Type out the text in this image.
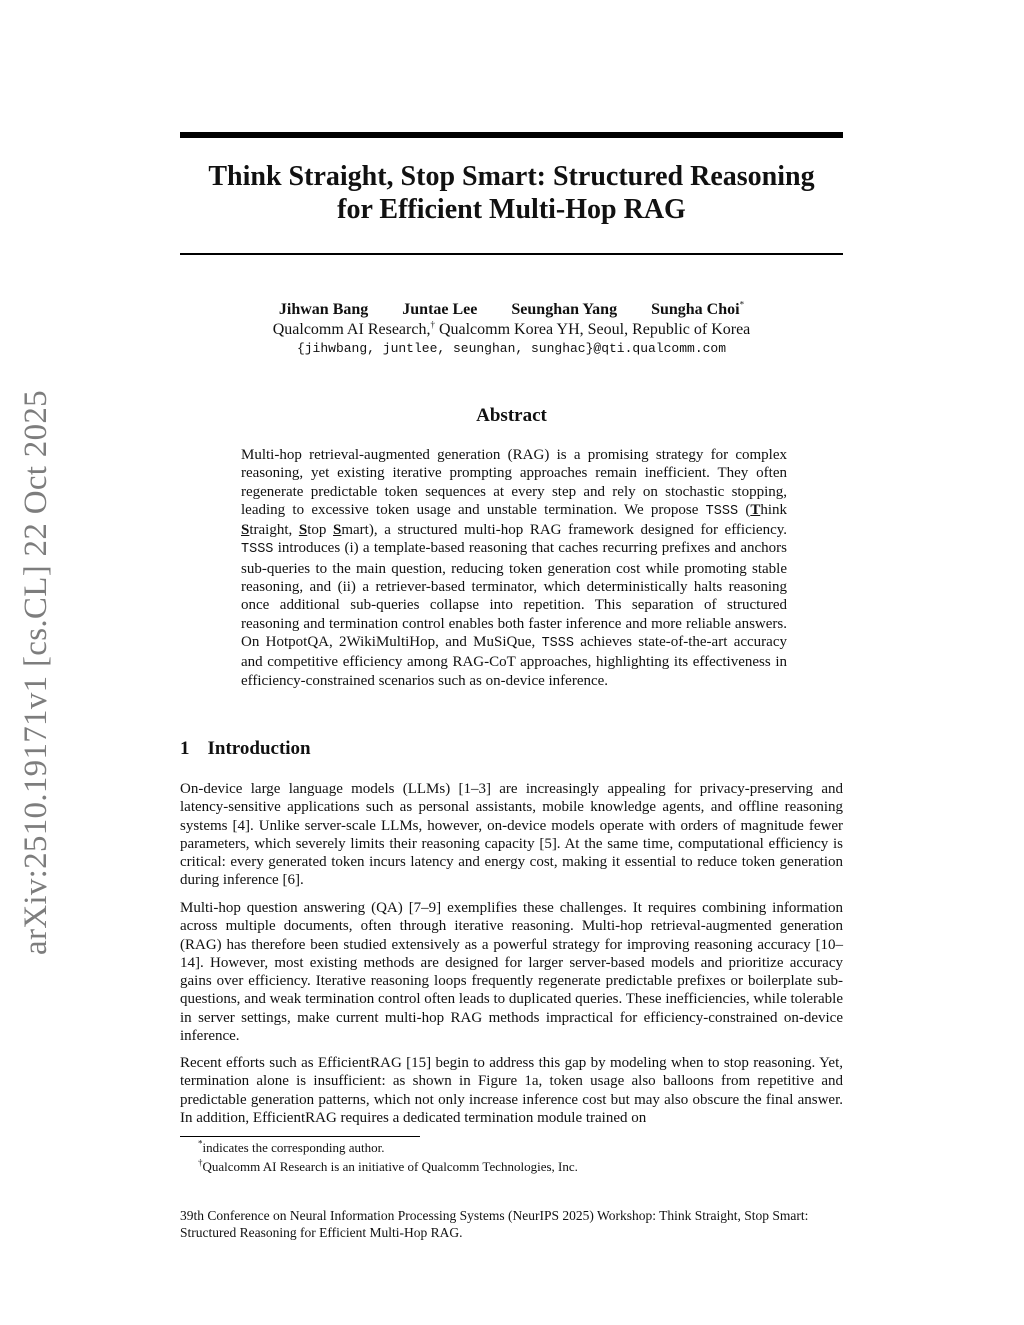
arXiv:2510.19171v1 [cs.CL] 22 Oct 2025
Think Straight, Stop Smart: Structured Reasoning
for Efficient Multi-Hop RAG
Jihwan Bang Juntae Lee Seunghan Yang Sungha Choi*
Qualcomm AI Research,† Qualcomm Korea YH, Seoul, Republic of Korea
{jihwbang, juntlee, seunghan, sunghac}@qti.qualcomm.com
Abstract
Multi-hop retrieval-augmented generation (RAG) is a promising strategy for complex reasoning, yet existing iterative prompting approaches remain inefficient. They often regenerate predictable token sequences at every step and rely on stochastic stopping, leading to excessive token usage and unstable termination. We propose TSSS (Think Straight, Stop Smart), a structured multi-hop RAG framework designed for efficiency. TSSS introduces (i) a template-based reasoning that caches recurring prefixes and anchors sub-queries to the main question, reducing token generation cost while promoting stable reasoning, and (ii) a retriever-based terminator, which deterministically halts reasoning once additional sub-queries collapse into repetition. This separation of structured reasoning and termination control enables both faster inference and more reliable answers. On HotpotQA, 2WikiMultiHop, and MuSiQue, TSSS achieves state-of-the-art accuracy and competitive efficiency among RAG-CoT approaches, highlighting its effectiveness in efficiency-constrained scenarios such as on-device inference.
1 Introduction

On-device large language models (LLMs) [1–3] are increasingly appealing for privacy-preserving and latency-sensitive applications such as personal assistants, mobile knowledge agents, and offline reasoning systems [4]. Unlike server-scale LLMs, however, on-device models operate with orders of magnitude fewer parameters, which severely limits their reasoning capacity [5]. At the same time, computational efficiency is critical: every generated token incurs latency and energy cost, making it essential to reduce token generation during inference [6].

Multi-hop question answering (QA) [7–9] exemplifies these challenges. It requires combining information across multiple documents, often through iterative reasoning. Multi-hop retrieval-augmented generation (RAG) has therefore been studied extensively as a powerful strategy for improving reasoning accuracy [10–14]. However, most existing methods are designed for larger server-based models and prioritize accuracy gains over efficiency. Iterative reasoning loops frequently regenerate predictable prefixes or boilerplate sub-questions, and weak termination control often leads to duplicated queries. These inefficiencies, while tolerable in server settings, make current multi-hop RAG methods impractical for efficiency-constrained on-device inference.

Recent efforts such as EfficientRAG [15] begin to address this gap by modeling when to stop reasoning. Yet, termination alone is insufficient: as shown in Figure 1a, token usage also balloons from repetitive and predictable generation patterns, which not only increase inference cost but may also obscure the final answer. In addition, EfficientRAG requires a dedicated termination module trained on

*indicates the corresponding author.
†Qualcomm AI Research is an initiative of Qualcomm Technologies, Inc.
39th Conference on Neural Information Processing Systems (NeurIPS 2025) Workshop: Think Straight, Stop Smart: Structured Reasoning for Efficient Multi-Hop RAG.
